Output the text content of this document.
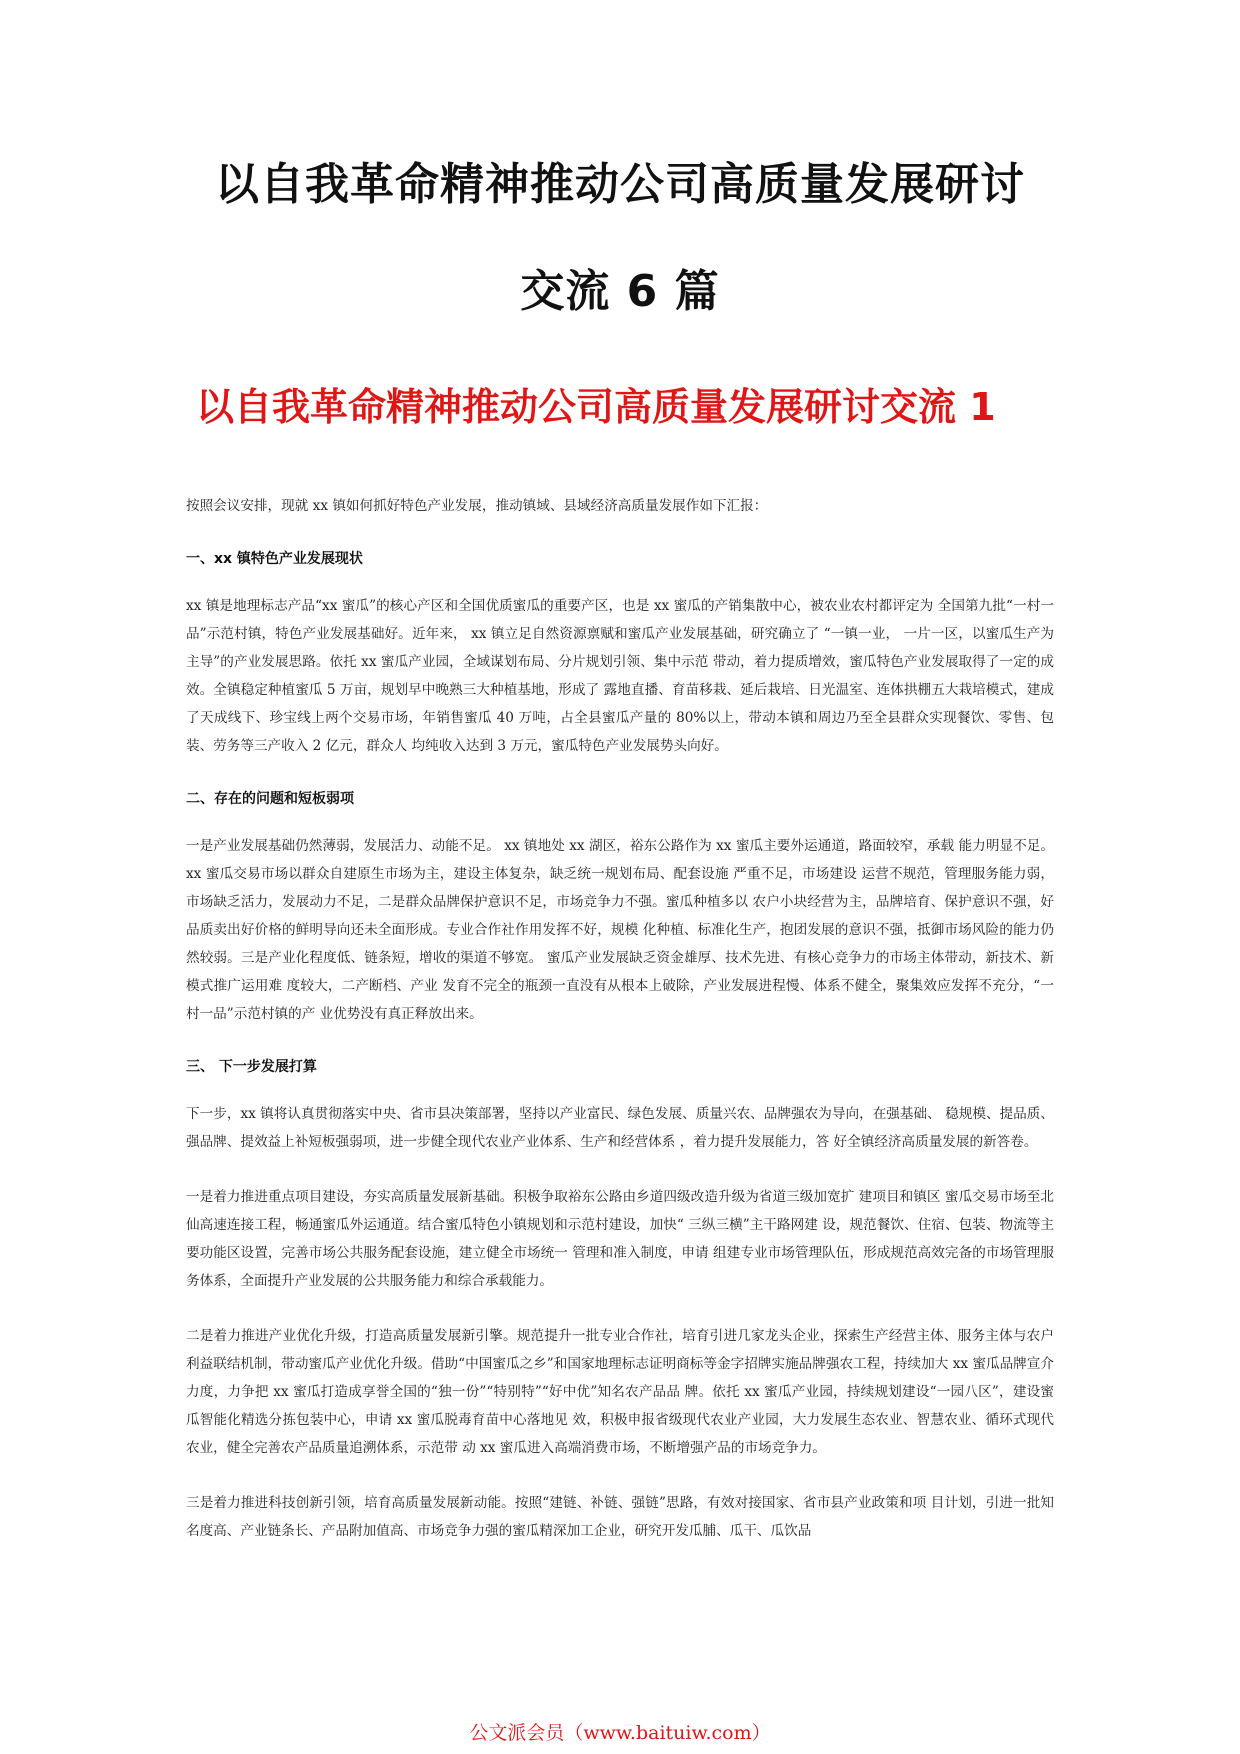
以自我革命精神推动公司高质量发展研讨
交流 6 篇
以自我革命精神推动公司高质量发展研讨交流 1

按照会议安排，现就 xx 镇如何抓好特色产业发展，推动镇域、县域经济高质量发展作如下汇报：

一、xx 镇特色产业发展现状

xx 镇是地理标志产品“xx 蜜瓜”的核心产区和全国优质蜜瓜的重要产区，也是 xx 蜜瓜的产销集散中心，被农业农村都评定为 全国第九批“一村一品”示范村镇，特色产业发展基础好。近年来， xx 镇立足自然资源禀赋和蜜瓜产业发展基础，研究确立了 “一镇一业， 一片一区，以蜜瓜生产为主导”的产业发展思路。依托 xx 蜜瓜产业园，全域谋划布局、分片规划引领、集中示范 带动，着力提质增效，蜜瓜特色产业发展取得了一定的成效。全镇稳定种植蜜瓜 5 万亩，规划早中晚熟三大种植基地，形成了 露地直播、育苗移栽、延后栽培、日光温室、连体拱棚五大栽培模式，建成了天成线下、珍宝线上两个交易市场，年销售蜜瓜 40 万吨，占全县蜜瓜产量的 80%以上，带动本镇和周边乃至全县群众实现餐饮、零售、包装、劳务等三产收入 2 亿元，群众人 均纯收入达到 3 万元，蜜瓜特色产业发展势头向好。

二、存在的问题和短板弱项

一是产业发展基础仍然薄弱，发展活力、动能不足。 xx 镇地处 xx 湖区，裕东公路作为 xx 蜜瓜主要外运通道，路面较窄，承载 能力明显不足。 xx 蜜瓜交易市场以群众自建原生市场为主，建设主体复杂，缺乏统一规划布局、配套设施 严重不足，市场建设 运营不规范，管理服务能力弱，市场缺乏活力，发展动力不足，二是群众品牌保护意识不足，市场竞争力不强。蜜瓜种植多以 农户小块经营为主，品牌培育、保护意识不强，好品质卖出好价格的鲜明导向还未全面形成。专业合作社作用发挥不好，规模 化种植、标准化生产，抱团发展的意识不强，抵御市场风险的能力仍然较弱。三是产业化程度低、链条短，增收的渠道不够宽。 蜜瓜产业发展缺乏资金雄厚、技术先进、有核心竞争力的市场主体带动，新技术、新模式推广运用难 度较大，二产断档、产业 发育不完全的瓶颈一直没有从根本上破除，产业发展进程慢、体系不健全，聚集效应发挥不充分，“一村一品”示范村镇的产 业优势没有真正释放出来。

三、 下一步发展打算

下一步，xx 镇将认真贯彻落实中央、省市县决策部署，坚持以产业富民、绿色发展、质量兴农、品牌强农为导向，在强基础、 稳规模、提品质、强品牌、提效益上补短板强弱项，进一步健全现代农业产业体系、生产和经营体系 ，着力提升发展能力，答 好全镇经济高质量发展的新答卷。

一是着力推进重点项目建设，夯实高质量发展新基础。积极争取裕东公路由乡道四级改造升级为省道三级加宽扩 建项目和镇区 蜜瓜交易市场至北仙高速连接工程，畅通蜜瓜外运通道。结合蜜瓜特色小镇规划和示范村建设，加快“ 三纵三横”主干路网建 设，规范餐饮、住宿、包装、物流等主要功能区设置，完善市场公共服务配套设施，建立健全市场统一 管理和准入制度，申请 组建专业市场管理队伍，形成规范高效完备的市场管理服务体系，全面提升产业发展的公共服务能力和综合承载能力。

二是着力推进产业优化升级，打造高质量发展新引擎。规范提升一批专业合作社，培育引进几家龙头企业，探索生产经营主体、服务主体与农户利益联结机制，带动蜜瓜产业优化升级。借助“中国蜜瓜之乡”和国家地理标志证明商标等金字招牌实施品牌强农工程，持续加大 xx 蜜瓜品牌宣介力度，力争把 xx 蜜瓜打造成享誉全国的“独一份”“特别特”“好中优”知名农产品品 牌。依托 xx 蜜瓜产业园，持续规划建设“一园八区”，建设蜜瓜智能化精选分拣包装中心，申请 xx 蜜瓜脱毒育苗中心落地见 效，积极申报省级现代农业产业园，大力发展生态农业、智慧农业、循环式现代农业，健全完善农产品质量追溯体系，示范带 动 xx 蜜瓜进入高端消费市场，不断增强产品的市场竞争力。

三是着力推进科技创新引领，培育高质量发展新动能。按照“建链、补链、强链”思路，有效对接国家、省市县产业政策和项 目计划，引进一批知名度高、产业链条长、产品附加值高、市场竞争力强的蜜瓜精深加工企业，研究开发瓜脯、瓜干、瓜饮品

公文派会员（www.baituiw.com）
